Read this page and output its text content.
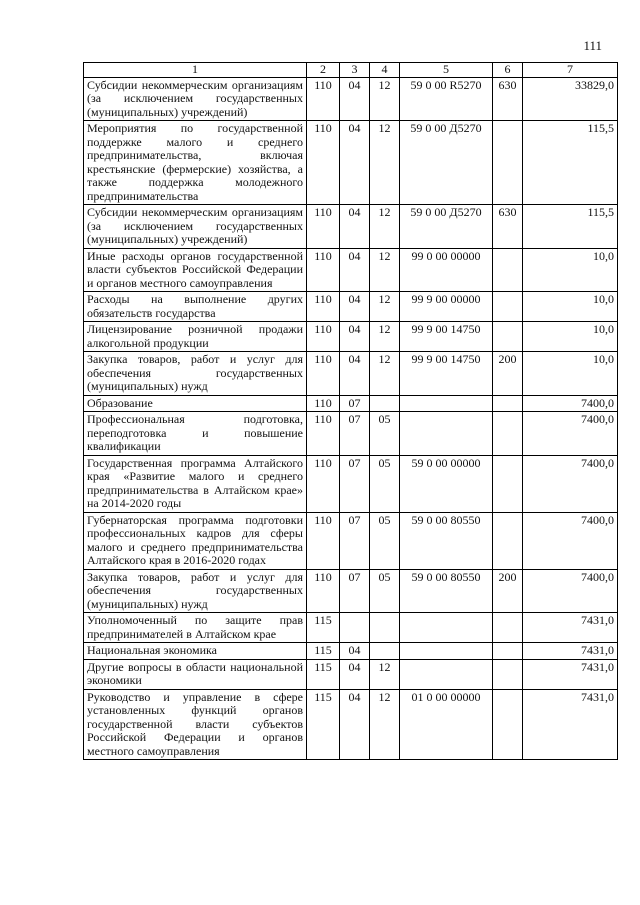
111
1	2	3	4	5	6	7
Субсидии некоммерческим организациям (за исключением государственных (муниципальных) учреждений)	110	04	12	59 0 00 R5270	630	33829,0
Мероприятия по государственной поддержке малого и среднего предпринимательства, включая крестьянские (фермерские) хозяйства, а также поддержка молодежного предпринимательства	110	04	12	59 0 00 Д5270		115,5
Субсидии некоммерческим организациям (за исключением государственных (муниципальных) учреждений)	110	04	12	59 0 00 Д5270	630	115,5
Иные расходы органов государственной власти субъектов Российской Федерации и органов местного самоуправления	110	04	12	99 0 00 00000		10,0
Расходы на выполнение других обязательств государства	110	04	12	99 9 00 00000		10,0
Лицензирование розничной продажи алкогольной продукции	110	04	12	99 9 00 14750		10,0
Закупка товаров, работ и услуг для обеспечения государственных (муниципальных) нужд	110	04	12	99 9 00 14750	200	10,0
Образование	110	07				7400,0
Профессиональная подготовка, переподготовка и повышение квалификации	110	07	05			7400,0
Государственная программа Алтайского края «Развитие малого и среднего предпринимательства в Алтайском крае» на 2014-2020 годы	110	07	05	59 0 00 00000		7400,0
Губернаторская программа подготовки профессиональных кадров для сферы малого и среднего предпринимательства Алтайского края в 2016-2020 годах	110	07	05	59 0 00 80550		7400,0
Закупка товаров, работ и услуг для обеспечения государственных (муниципальных) нужд	110	07	05	59 0 00 80550	200	7400,0
Уполномоченный по защите прав предпринимателей в Алтайском крае	115					7431,0
Национальная экономика	115	04				7431,0
Другие вопросы в области национальной экономики	115	04	12			7431,0
Руководство и управление в сфере установленных функций органов государственной власти субъектов Российской Федерации и органов местного самоуправления	115	04	12	01 0 00 00000		7431,0
